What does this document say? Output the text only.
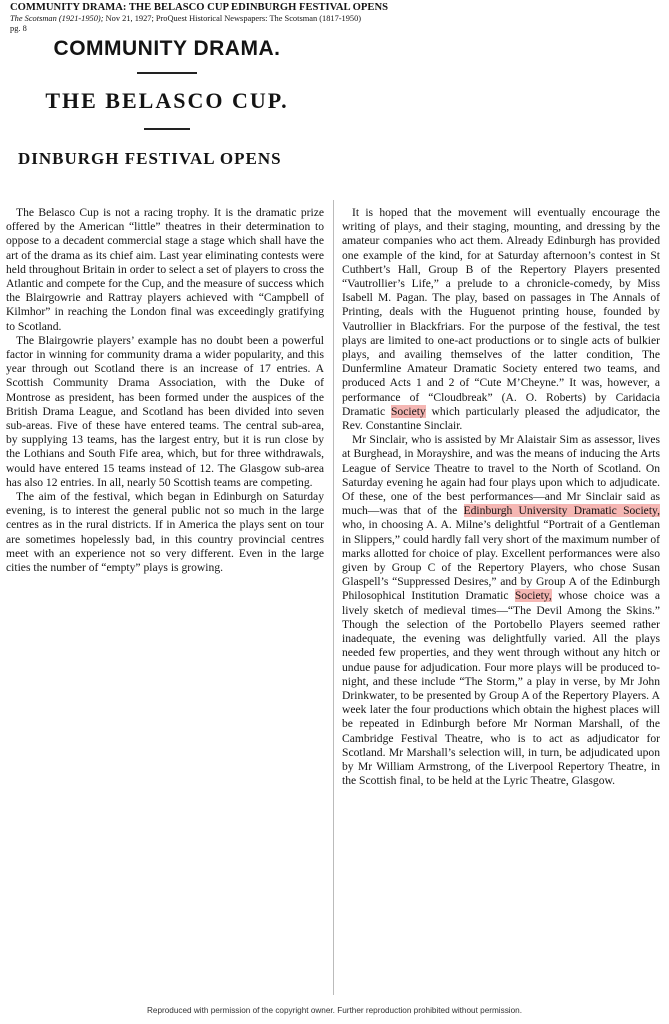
COMMUNITY DRAMA: THE BELASCO CUP EDINBURGH FESTIVAL OPENS
The Scotsman (1921-1950); Nov 21, 1927; ProQuest Historical Newspapers: The Scotsman (1817-1950)
pg. 8
COMMUNITY DRAMA.
THE BELASCO CUP.
DINBURGH FESTIVAL OPENS

The Belasco Cup is not a racing trophy. It is the dramatic prize offered by the American “little” theatres in their determination to oppose to a decadent commercial stage a stage which shall have the art of the drama as its chief aim. Last year eliminating contests were held throughout Britain in order to select a set of players to cross the Atlantic and compete for the Cup, and the measure of success which the Blairgowrie and Rattray players achieved with “Campbell of Kilmhor” in reaching the London final was exceedingly gratifying to Scotland.

The Blairgowrie players’ example has no doubt been a powerful factor in winning for community drama a wider popularity, and this year through out Scotland there is an increase of 17 entries. A Scottish Community Drama Association, with the Duke of Montrose as president, has been formed under the auspices of the British Drama League, and Scotland has been divided into seven sub-areas. Five of these have entered teams. The central sub-area, by supplying 13 teams, has the largest entry, but it is run close by the Lothians and South Fife area, which, but for three withdrawals, would have entered 15 teams instead of 12. The Glasgow sub-area has also 12 entries. In all, nearly 50 Scottish teams are competing.

The aim of the festival, which began in Edinburgh on Saturday evening, is to interest the general public not so much in the large centres as in the rural districts. If in America the plays sent on tour are sometimes hopelessly bad, in this country provincial centres meet with an experience not so very different. Even in the large cities the number of “empty” plays is growing.

It is hoped that the movement will eventually encourage the writing of plays, and their staging, mounting, and dressing by the amateur companies who act them. Already Edinburgh has provided one example of the kind, for at Saturday afternoon’s contest in St Cuthbert’s Hall, Group B of the Repertory Players presented “Vautrollier’s Life,” a prelude to a chronicle-comedy, by Miss Isabell M. Pagan. The play, based on passages in The Annals of Printing, deals with the Huguenot printing house, founded by Vautrollier in Blackfriars. For the purpose of the festival, the test plays are limited to one-act productions or to single acts of bulkier plays, and availing themselves of the latter condition, The Dunfermline Amateur Dramatic Society entered two teams, and produced Acts 1 and 2 of “Cute M’Cheyne.” It was, however, a performance of “Cloudbreak” (A. O. Roberts) by Caridacia Dramatic Society which particularly pleased the adjudicator, the Rev. Constantine Sinclair.

Mr Sinclair, who is assisted by Mr Alaistair Sim as assessor, lives at Burghead, in Morayshire, and was the means of inducing the Arts League of Service Theatre to travel to the North of Scotland. On Saturday evening he again had four plays upon which to adjudicate. Of these, one of the best performances—and Mr Sinclair said as much—was that of the Edinburgh University Dramatic Society, who, in choosing A. A. Milne’s delightful “Portrait of a Gentleman in Slippers,” could hardly fall very short of the maximum number of marks allotted for choice of play. Excellent performances were also given by Group C of the Repertory Players, who chose Susan Glaspell’s “Suppressed Desires,” and by Group A of the Edinburgh Philosophical Institution Dramatic Society, whose choice was a lively sketch of medieval times—“The Devil Among the Skins.” Though the selection of the Portobello Players seemed rather inadequate, the evening was delightfully varied. All the plays needed few properties, and they went through without any hitch or undue pause for adjudication. Four more plays will be produced to-night, and these include “The Storm,” a play in verse, by Mr John Drinkwater, to be presented by Group A of the Repertory Players. A week later the four productions which obtain the highest places will be repeated in Edinburgh before Mr Norman Marshall, of the Cambridge Festival Theatre, who is to act as adjudicator for Scotland. Mr Marshall’s selection will, in turn, be adjudicated upon by Mr William Armstrong, of the Liverpool Repertory Theatre, in the Scottish final, to be held at the Lyric Theatre, Glasgow.

Reproduced with permission of the copyright owner. Further reproduction prohibited without permission.
